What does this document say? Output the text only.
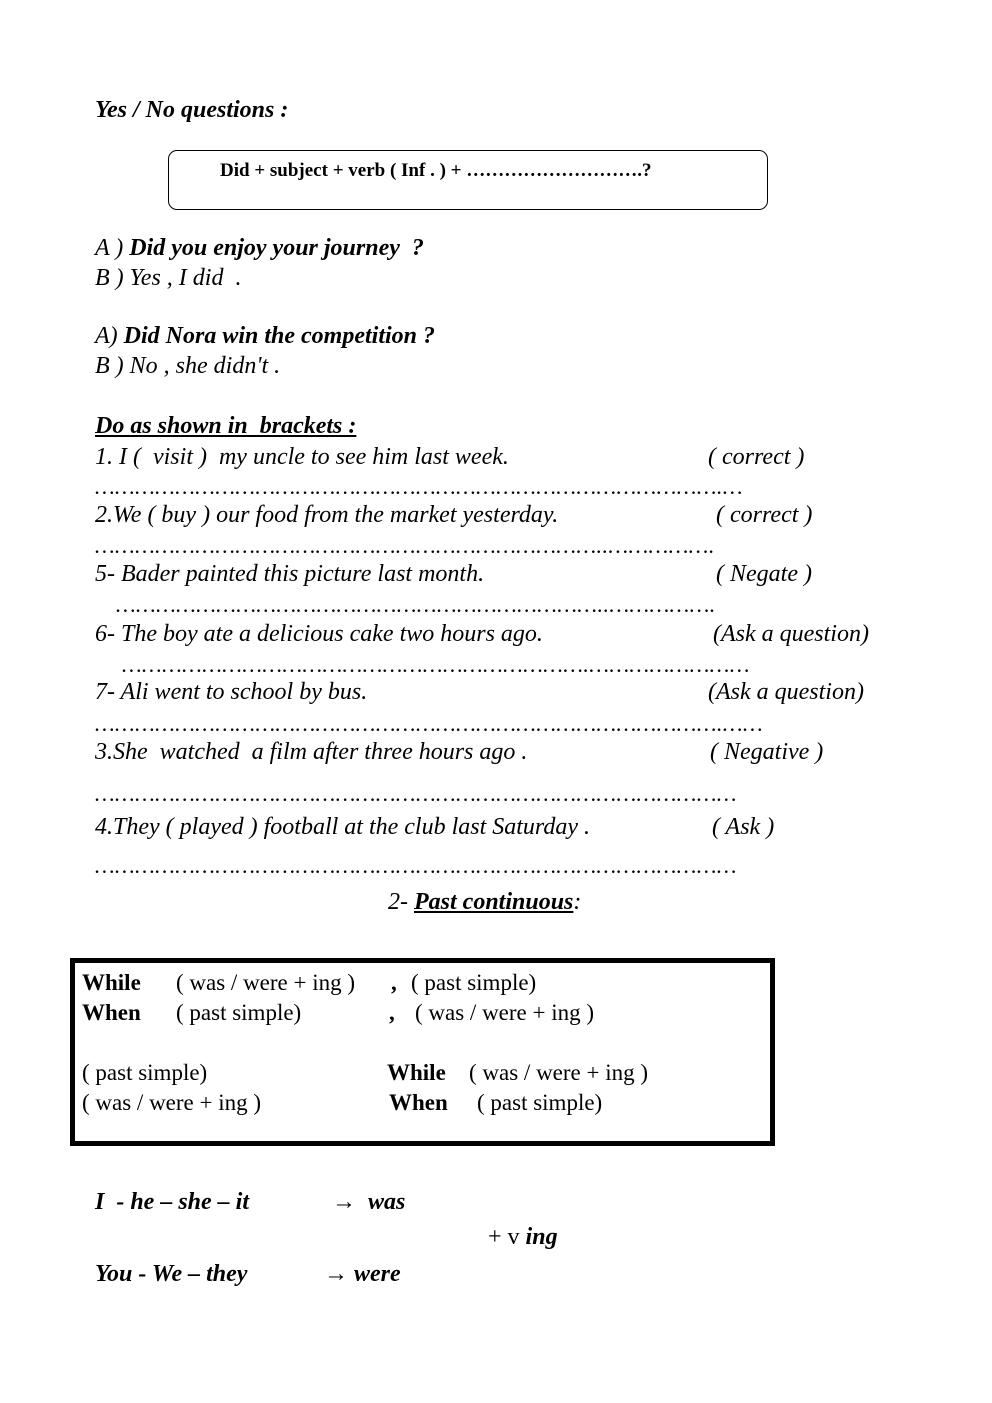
Yes / No questions :
Did + subject + verb ( Inf . ) + ……………………….?
A ) Did you enjoy your journey  ?
B ) Yes , I did  .
A) Did Nora win the competition ?
B ) No , she didn't .
Do as shown in  brackets :
1. I (  visit )  my uncle to see him last week.	( correct )
………………………………………………………………………………….…
2.We ( buy ) our food from the market yesterday.	( correct )
…………………………………………………………………..…………….
5- Bader painted this picture last month.	( Negate )
………………………………………………………………..…………….
6- The boy ate a delicious cake two hours ago.	(Ask a question)
…………………………………………………………….……………………
7- Ali went to school by bus.	(Ask a question)
………………………………………………………………………………….……
3.She  watched  a film after three hours ago .	( Negative )
……………………………………………………………………………………
4.They ( played ) football at the club last Saturday .	( Ask )
……………………………………………………………………………………
2- Past continuous:
While ( was / were + ing ) , ( past simple)
When ( past simple)	, ( was / were + ing )
( past simple)	While ( was / were + ing )
( was / were + ing )	When ( past simple)
I  - he – she – it	→  was
+ v ing
You - We – they	→ were
